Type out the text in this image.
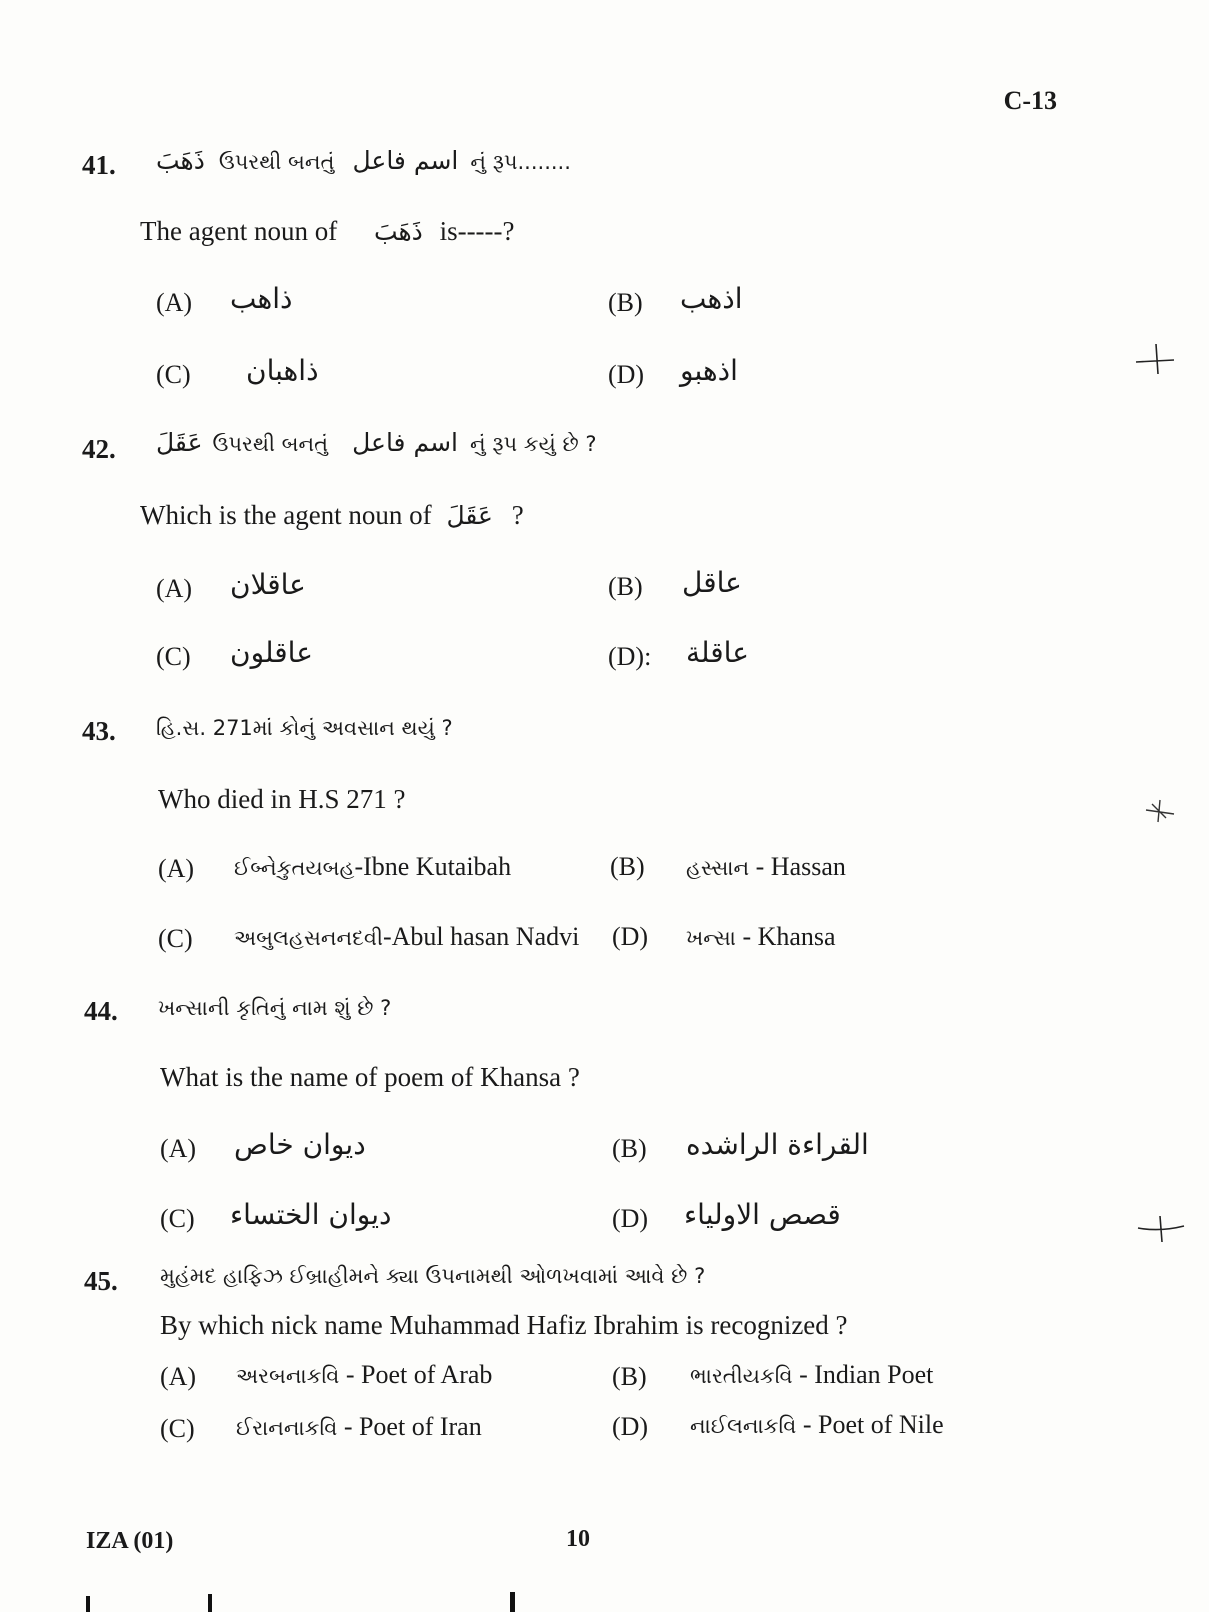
C-13
41. ذَهَبَ ઉપરથી બનતું اسم فاعل નું રૂપ........
The agent noun of ذَهَبَ is-----?
(A) ذاهب	(B) اذهب
(C) ذاهبان	(D) اذهبو
42. عَقَلَ ઉપરથી બનતું اسم فاعل નું રૂપ કયું છે ?
Which is the agent noun of عَقَلَ ?
(A) عاقلان	(B) عاقل
(C) عاقلون	(D): عاقلة
43. હિ.સ. 271માં કોનું અવસાન થયું ?
Who died in H.S 271 ?
(A) ઈબ્નેકુતયબહ-Ibne Kutaibah	(B) હસ્સાન - Hassan
(C) અબુલહસનનદવી-Abul hasan Nadvi (D) ખન્સા - Khansa
44. ખન્સાની કૃતિનું નામ શું છે ?
What is the name of poem of Khansa ?
(A) ديوان خاص	(B) القراءة الراشده
(C) ديوان الختساء	(D) قصص الاولياء
45. મુહંમદ હાફિઝ ઈબ્રાહીમને ક્યા ઉપનામથી ઓળખવામાં આવે છે ?
By which nick name Muhammad Hafiz Ibrahim is recognized ?
(A) અરબનાકવિ - Poet of Arab	(B) ભારતીયકવિ - Indian Poet
(C) ઈરાનનાકવિ - Poet of Iran	(D) નાઈલનાકવિ - Poet of Nile
IZA (01)	10
